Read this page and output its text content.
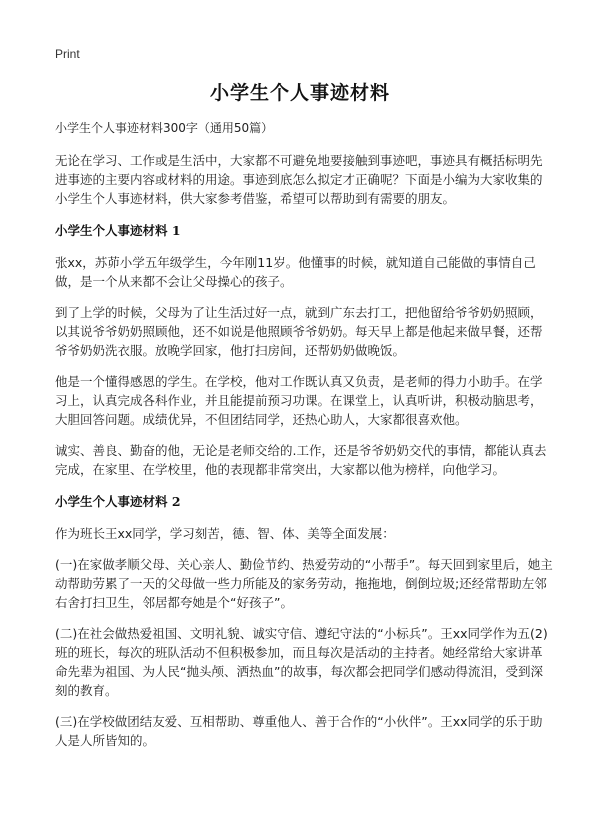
Print
小学生个人事迹材料

小学生个人事迹材料300字（通用50篇）

无论在学习、工作或是生活中，大家都不可避免地要接触到事迹吧，事迹具有概括标明先进事迹的主要内容或材料的用途。事迹到底怎么拟定才正确呢？下面是小编为大家收集的小学生个人事迹材料，供大家参考借鉴，希望可以帮助到有需要的朋友。

小学生个人事迹材料 1

张xx，苏茆小学五年级学生，今年刚11岁。他懂事的时候，就知道自己能做的事情自己做，是一个从来都不会让父母操心的孩子。

到了上学的时候，父母为了让生活过好一点，就到广东去打工，把他留给爷爷奶奶照顾，以其说爷爷奶奶照顾他，还不如说是他照顾爷爷奶奶。每天早上都是他起来做早餐，还帮爷爷奶奶洗衣服。放晚学回家，他打扫房间，还帮奶奶做晚饭。

他是一个懂得感恩的学生。在学校，他对工作既认真又负责，是老师的得力小助手。在学习上，认真完成各科作业，并且能提前预习功课。在课堂上，认真听讲，积极动脑思考，大胆回答问题。成绩优异，不但团结同学，还热心助人，大家都很喜欢他。

诚实、善良、勤奋的他，无论是老师交给的.工作，还是爷爷奶奶交代的事情，都能认真去完成，在家里、在学校里，他的表现都非常突出，大家都以他为榜样，向他学习。

小学生个人事迹材料 2

作为班长王xx同学，学习刻苦，德、智、体、美等全面发展：

(一)在家做孝顺父母、关心亲人、勤俭节约、热爱劳动的“小帮手”。每天回到家里后，她主动帮助劳累了一天的父母做一些力所能及的家务劳动，拖拖地，倒倒垃圾;还经常帮助左邻右舍打扫卫生，邻居都夸她是个“好孩子”。

(二)在社会做热爱祖国、文明礼貌、诚实守信、遵纪守法的“小标兵”。王xx同学作为五(2)班的班长，每次的班队活动不但积极参加，而且每次是活动的主持者。她经常给大家讲革命先辈为祖国、为人民“抛头颅、洒热血”的故事，每次都会把同学们感动得流泪，受到深刻的教育。

(三)在学校做团结友爱、互相帮助、尊重他人、善于合作的“小伙伴”。王xx同学的乐于助人是人所皆知的。
